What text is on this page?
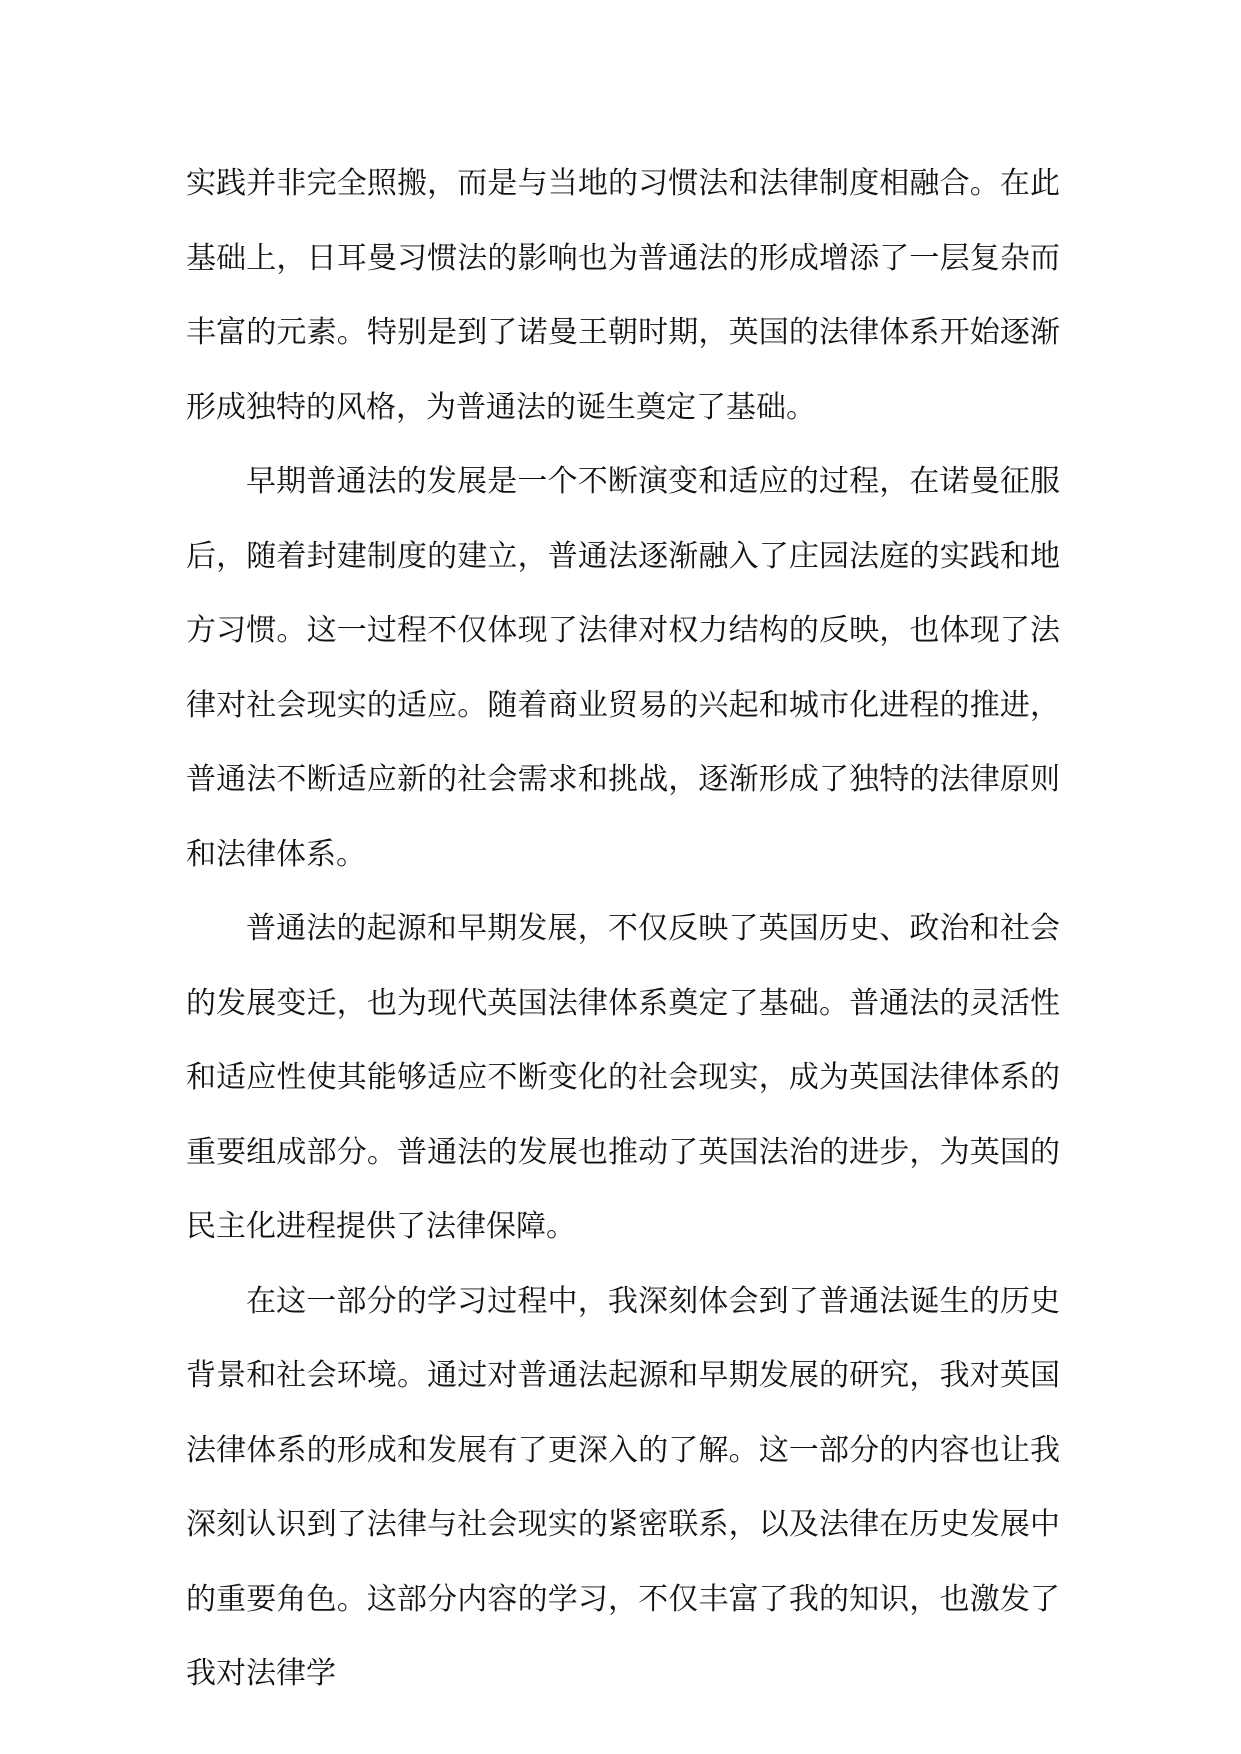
实践并非完全照搬，而是与当地的习惯法和法律制度相融合。在此基础上，日耳曼习惯法的影响也为普通法的形成增添了一层复杂而丰富的元素。特别是到了诺曼王朝时期，英国的法律体系开始逐渐形成独特的风格，为普通法的诞生奠定了基础。

早期普通法的发展是一个不断演变和适应的过程，在诺曼征服后，随着封建制度的建立，普通法逐渐融入了庄园法庭的实践和地方习惯。这一过程不仅体现了法律对权力结构的反映，也体现了法律对社会现实的适应。随着商业贸易的兴起和城市化进程的推进，普通法不断适应新的社会需求和挑战，逐渐形成了独特的法律原则和法律体系。

普通法的起源和早期发展，不仅反映了英国历史、政治和社会的发展变迁，也为现代英国法律体系奠定了基础。普通法的灵活性和适应性使其能够适应不断变化的社会现实，成为英国法律体系的重要组成部分。普通法的发展也推动了英国法治的进步，为英国的民主化进程提供了法律保障。

在这一部分的学习过程中，我深刻体会到了普通法诞生的历史背景和社会环境。通过对普通法起源和早期发展的研究，我对英国法律体系的形成和发展有了更深入的了解。这一部分的内容也让我深刻认识到了法律与社会现实的紧密联系，以及法律在历史发展中的重要角色。这部分内容的学习，不仅丰富了我的知识，也激发了我对法律学
